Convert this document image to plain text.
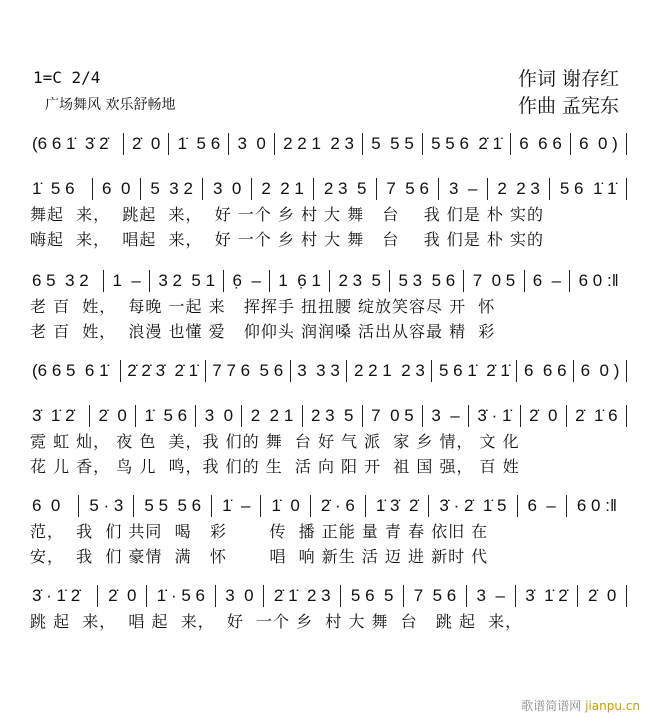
1=C 2/4
广场舞风 欢乐舒畅地
作词 谢存红
作曲 孟宪东
(6 6 1̇  3̇ 2̇	2̇  0	1̇  5 6	3  0	2 2 1  2 3	5  5 5	5 5 6  2̇ 1̇	6  6 6	6  0 )
1̇  5 6	6  0	5  3 2	3  0	2  2 1	2 3  5	7  5 6	3  –	2  2 3	5 6  1̇ 1̇
舞起  来，  跳起  来，  好 一个 乡 村 大 舞   台    我 们是 朴 实的
嗨起  来，  唱起  来，  好 一个 乡 村 大 舞   台    我 们是 朴 实的
6 5  3 2	1  –	3 2  5 1	6̣  –	1  6̣ 1	2 3  5	5 3  5 6	7  0 5	6  –	6 0 :‖
老 百  姓，  每晚 一起 来   挥挥手 扭扭腰 绽放笑容尽 开  怀
老 百  姓，  浪漫 也懂 爱   仰仰头 润润嗓 活出从容最 精  彩
(6 6 5  6 1̇	2̇ 2̇ 3̇  2̇ 1̇ 7 7 6  5 6 3  3 3 2 2 1  2 3 5 6 1̇  2̇ 1̇ 6  6 6 6  0 )
3̇  1̇ 2̇	2̇  0	1̇  5 6	3  0	2  2 1	2 3  5	7  0 5	3  –	3̇ · 1̇	2̇  0	2̇  1̇ 6
霓 虹 灿， 夜 色  美，我 们的 舞  台 好 气 派  家 乡 情， 文 化
花 儿 香， 鸟 儿  鸣，我 们的 生  活 向 阳 开  祖 国 强， 百 姓
6  0	5 · 3	5 5  5 6	1̇  –	1̇  0	2̇ · 6	1̇ 3̇  2̇	3̇ · 2̇  1̇ 5	6  –	6 0 :‖
范，  我  们 共同  喝   彩       传  播 正能 量 青 春 依旧 在
安，  我  们 豪情  满   怀       唱  响 新生 活 迈 进 新时 代
3̇ · 1̇ 2̇	2̇  0	1̇ · 5 6	3  0	2̇ 1̇  2 3	5 6  5	7  5 6	3  –	3̇  1̇ 2̇	2̇  0
跳 起  来，  唱 起  来，  好  一个 乡  村 大 舞  台   跳 起  来，
歌谱简谱网 jianpu.cn
